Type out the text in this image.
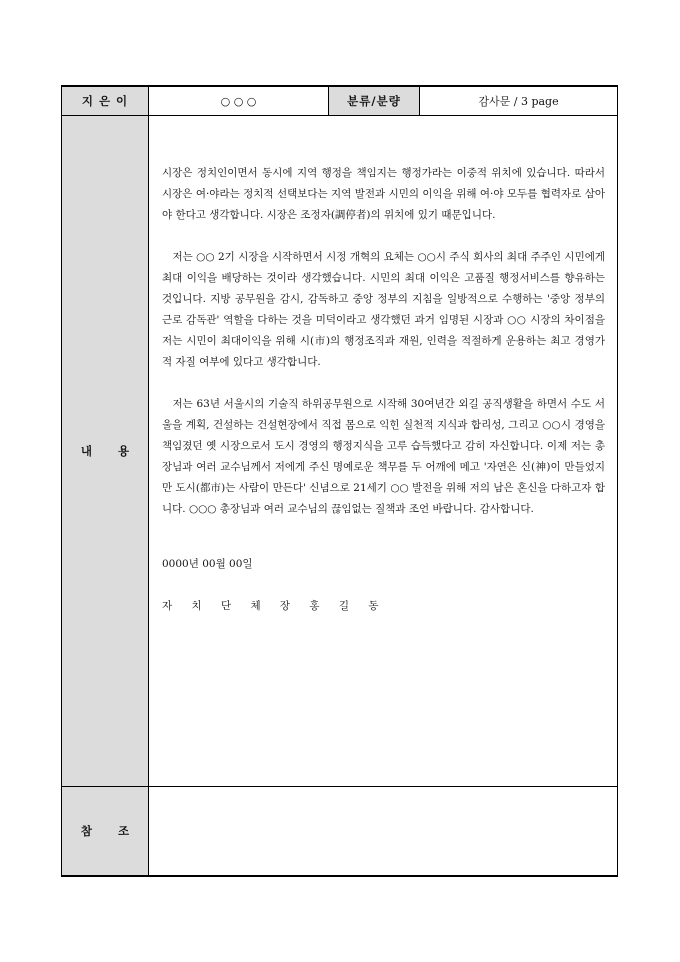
지 은 이	○ ○ ○	분류/분량	감사문 / 3 page
내 용	시장은 정치인이면서 동시에 지역 행정을 책임지는 행정가라는 이중적 위치에 있습니다. 따라서 시장은 여·야라는 정치적 선택보다는 지역 발전과 시민의 이익을 위해 여·야 모두를 협력자로 삼아야 한다고 생각합니다. 시장은 조정자(調停者)의 위치에 있기 때문입니다.

저는 ○○ 2기 시장을 시작하면서 시정 개혁의 요체는 ○○시 주식 회사의 최대 주주인 시민에게 최대 이익을 배당하는 것이라 생각했습니다. 시민의 최대 이익은 고품질 행정서비스를 향유하는 것입니다. 지방 공무원을 감시, 감독하고 중앙 정부의 지침을 일방적으로 수행하는 '중앙 정부의 근로 감독관' 역할을 다하는 것을 미덕이라고 생각했던 과거 임명된 시장과 ○○ 시장의 차이점을 저는 시민이 최대이익을 위해 시(市)의 행정조직과 재원, 인력을 적절하게 운용하는 최고 경영가적 자질 여부에 있다고 생각합니다.

저는 63년 서울시의 기술직 하위공무원으로 시작해 30여년간 외길 공직생활을 하면서 수도 서울을 계획, 건설하는 건설현장에서 직접 몸으로 익힌 실천적 지식과 합리성, 그리고 ○○시 경영을 책임졌던 옛 시장으로서 도시 경영의 행정지식을 고루 습득했다고 감히 자신합니다. 이제 저는 총장님과 여러 교수님께서 저에게 주신 명예로운 책무를 두 어깨에 메고 '자연은 신(神)이 만들었지만 도시(都市)는 사람이 만든다' 신념으로 21세기 ○○ 발전을 위해 저의 남은 혼신을 다하고자 합니다. ○○○ 총장님과 여러 교수님의 끊임없는 질책과 조언 바랍니다. 감사합니다.

0000년 00월 00일

자 치 단 체 장 홍 길 동		

참 조			
